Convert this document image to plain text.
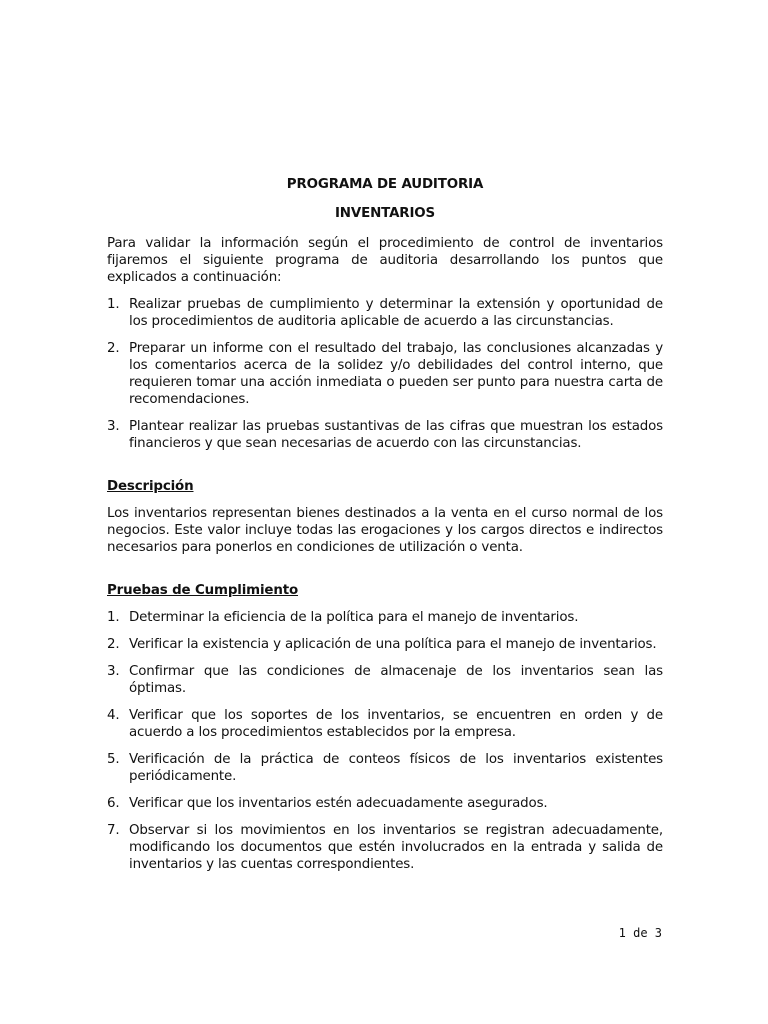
PROGRAMA DE AUDITORIA

INVENTARIOS

Para validar la información según el procedimiento de control de inventarios fijaremos el siguiente programa de auditoria desarrollando los puntos que explicados a continuación:

1. Realizar pruebas de cumplimiento y determinar la extensión y oportunidad de los procedimientos de auditoria aplicable de acuerdo a las circunstancias.
2. Preparar un informe con el resultado del trabajo, las conclusiones alcanzadas y los comentarios acerca de la solidez y/o debilidades del control interno, que requieren tomar una acción inmediata o pueden ser punto para nuestra carta de recomendaciones.
3. Plantear realizar las pruebas sustantivas de las cifras que muestran los estados financieros y que sean necesarias de acuerdo con las circunstancias.
Descripción

Los inventarios representan bienes destinados a la venta en el curso normal de los negocios. Este valor incluye todas las erogaciones y los cargos directos e indirectos necesarios para ponerlos en condiciones de utilización o venta.

Pruebas de Cumplimiento
1. Determinar la eficiencia de la política para el manejo de inventarios.
2. Verificar la existencia y aplicación de una política para el manejo de inventarios.
3. Confirmar que las condiciones de almacenaje de los inventarios sean las óptimas.
4. Verificar que los soportes de los inventarios, se encuentren en orden y de acuerdo a los procedimientos establecidos por la empresa.
5. Verificación de la práctica de conteos físicos de los inventarios existentes periódicamente.
6. Verificar que los inventarios estén adecuadamente asegurados.
7. Observar si los movimientos en los inventarios se registran adecuadamente, modificando los documentos que estén involucrados en la entrada y salida de inventarios y las cuentas correspondientes.
1 de 3
